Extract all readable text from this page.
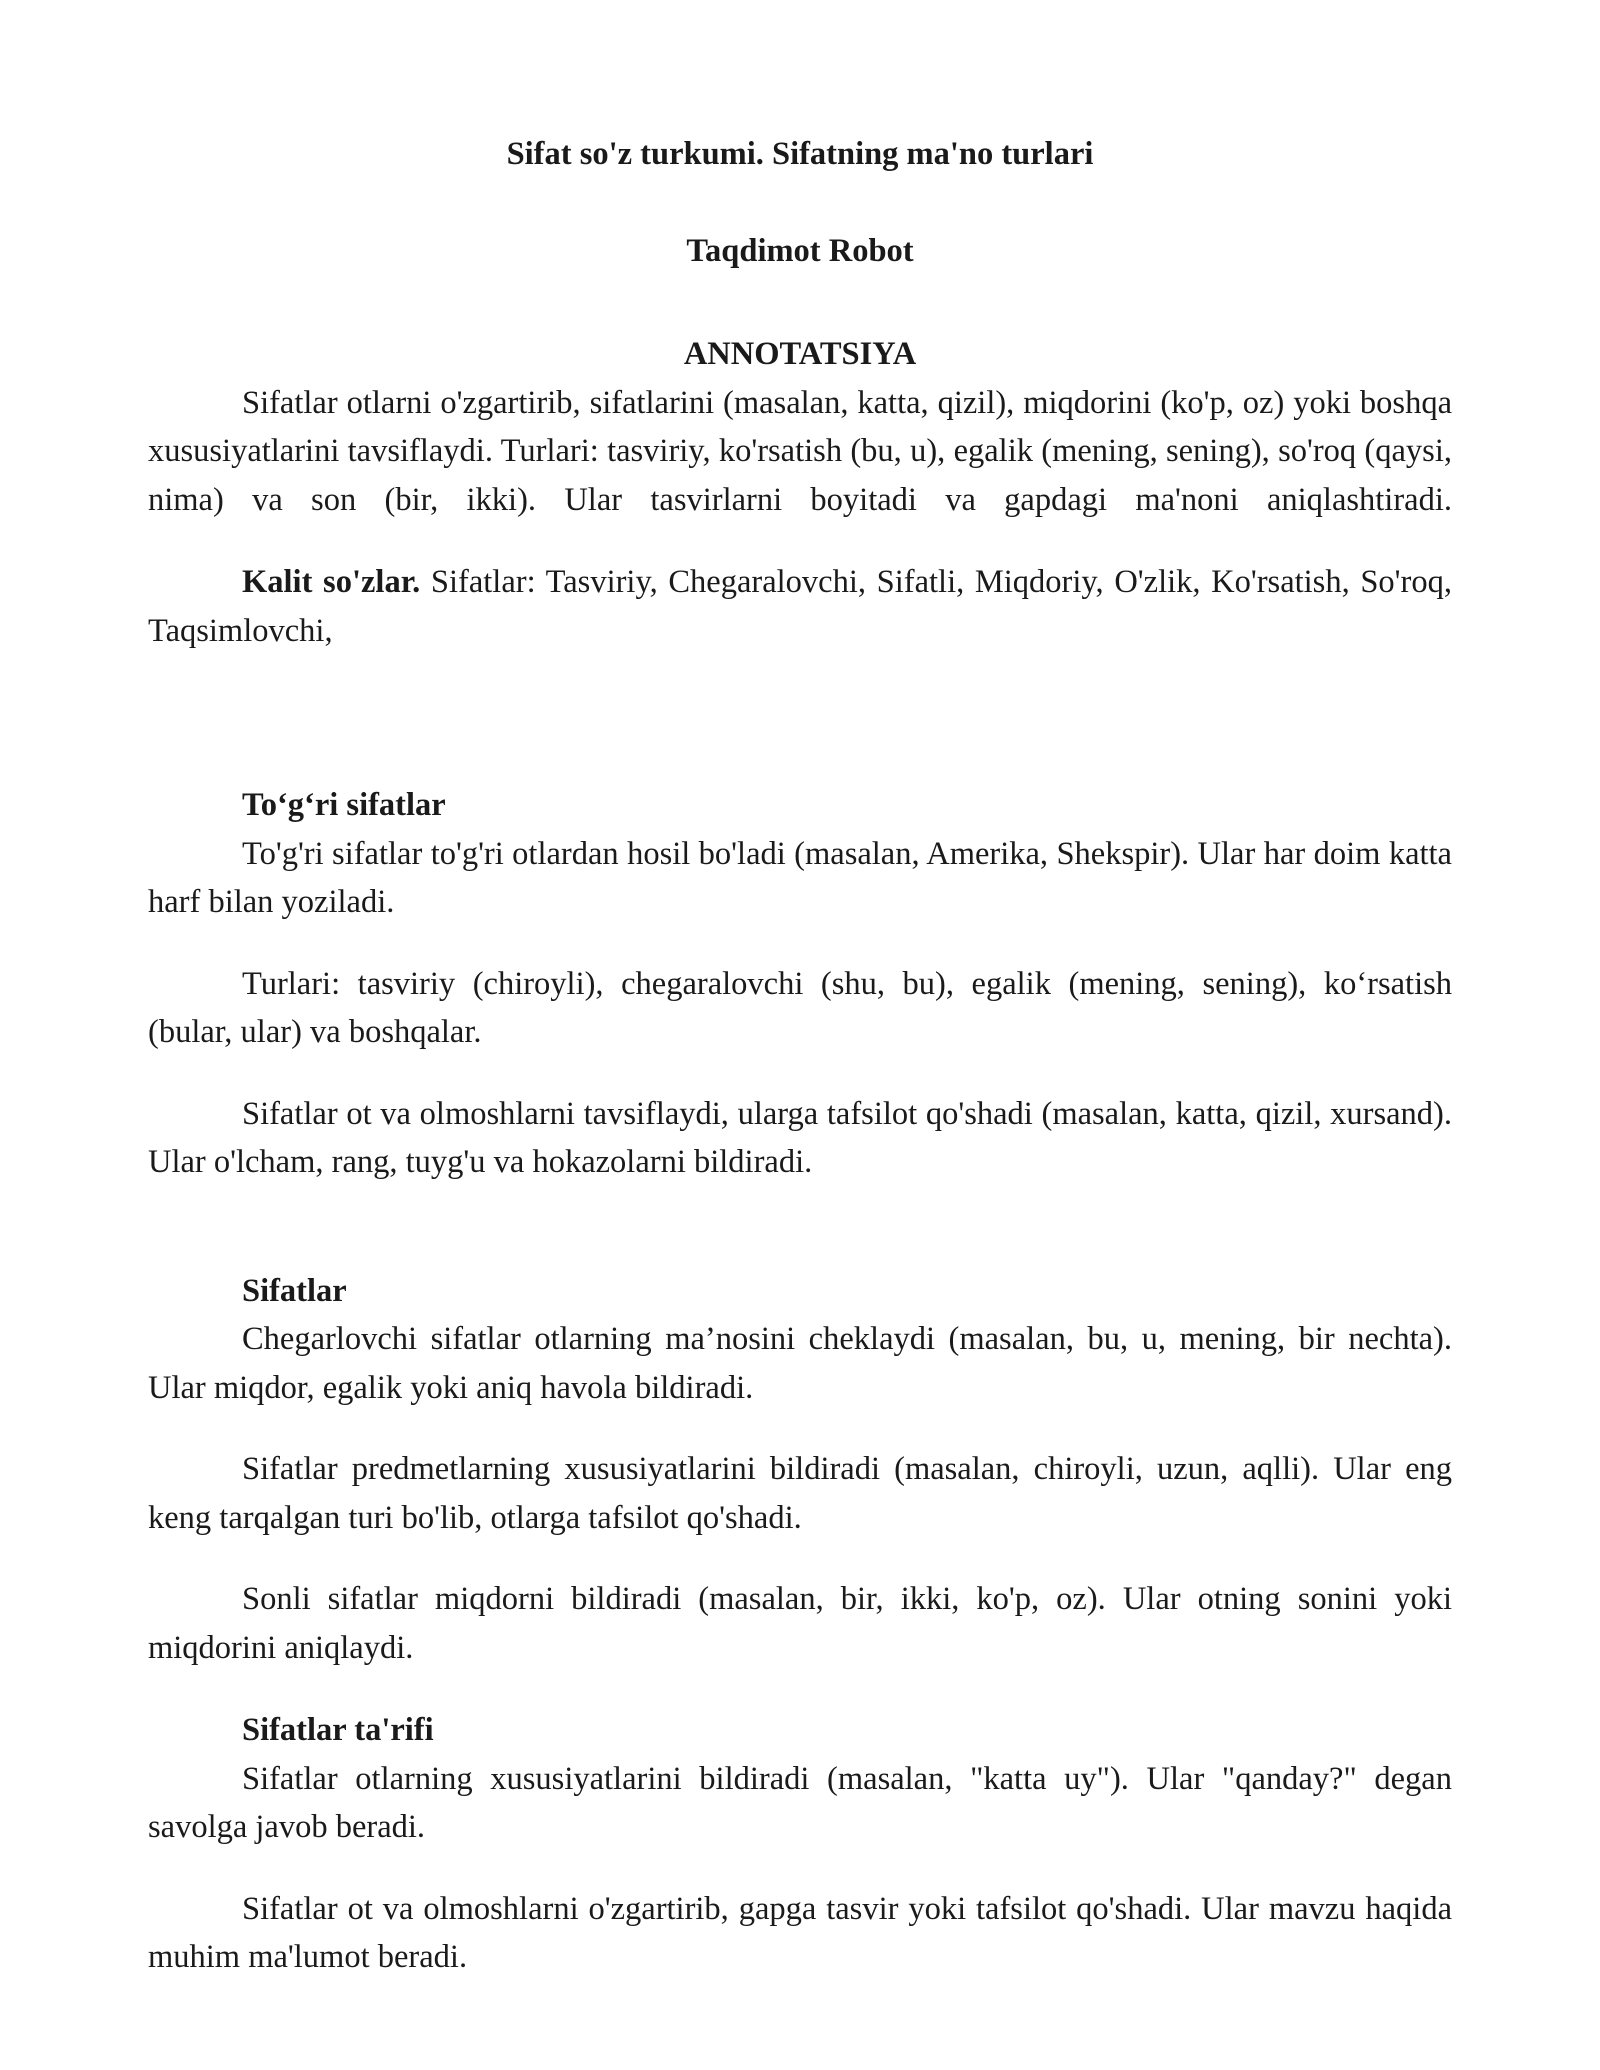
Sifat so'z turkumi. Sifatning ma'no turlari
Taqdimot Robot
ANNOTATSIYA

Sifatlar otlarni o'zgartirib, sifatlarini (masalan, katta, qizil), miqdorini (ko'p, oz) yoki boshqa xususiyatlarini tavsiflaydi. Turlari: tasviriy, ko'rsatish (bu, u), egalik (mening, sening), so'roq (qaysi, nima) va son (bir, ikki). Ular tasvirlarni boyitadi va gapdagi ma'noni aniqlashtiradi.

Kalit so'zlar. Sifatlar: Tasviriy, Chegaralovchi, Sifatli, Miqdoriy, O'zlik, Ko'rsatish, So'roq, Taqsimlovchi,

To‘g‘ri sifatlar

To'g'ri sifatlar to'g'ri otlardan hosil bo'ladi (masalan, Amerika, Shekspir). Ular har doim katta harf bilan yoziladi.

Turlari: tasviriy (chiroyli), chegaralovchi (shu, bu), egalik (mening, sening), ko‘rsatish (bular, ular) va boshqalar.

Sifatlar ot va olmoshlarni tavsiflaydi, ularga tafsilot qo'shadi (masalan, katta, qizil, xursand). Ular o'lcham, rang, tuyg'u va hokazolarni bildiradi.

Sifatlar

Chegarlovchi sifatlar otlarning ma’nosini cheklaydi (masalan, bu, u, mening, bir nechta). Ular miqdor, egalik yoki aniq havola bildiradi.

Sifatlar predmetlarning xususiyatlarini bildiradi (masalan, chiroyli, uzun, aqlli). Ular eng keng tarqalgan turi bo'lib, otlarga tafsilot qo'shadi.

Sonli sifatlar miqdorni bildiradi (masalan, bir, ikki, ko'p, oz). Ular otning sonini yoki miqdorini aniqlaydi.

Sifatlar ta'rifi

Sifatlar otlarning xususiyatlarini bildiradi (masalan, "katta uy"). Ular "qanday?" degan savolga javob beradi.

Sifatlar ot va olmoshlarni o'zgartirib, gapga tasvir yoki tafsilot qo'shadi. Ular mavzu haqida muhim ma'lumot beradi.
